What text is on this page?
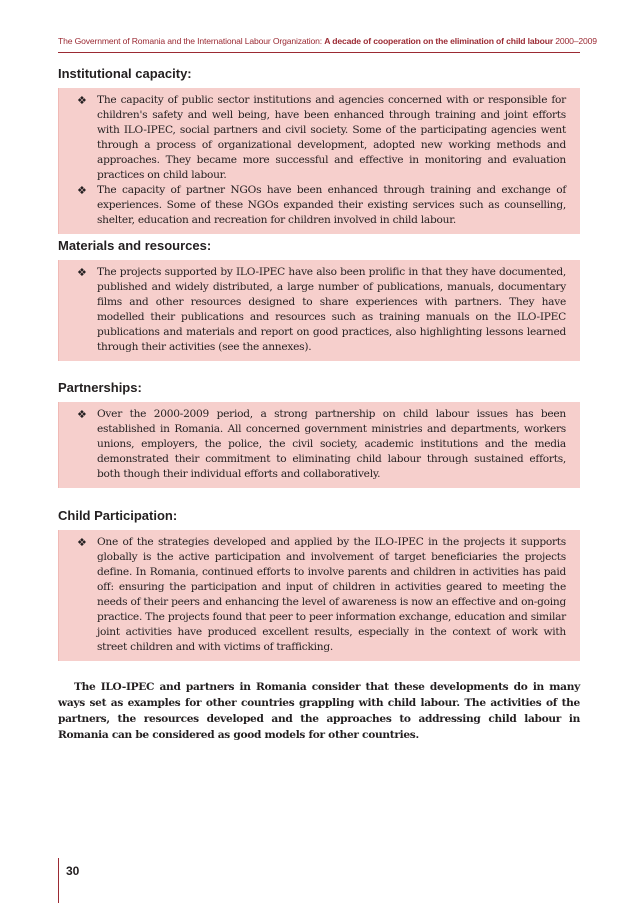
The Government of Romania and the International Labour Organization: A decade of cooperation on the elimination of child labour 2000–2009
Institutional capacity:
❖ The capacity of public sector institutions and agencies concerned with or responsible for children's safety and well being, have been enhanced through training and joint efforts with ILO-IPEC, social partners and civil society. Some of the participating agencies went through a process of organizational development, adopted new working methods and approaches. They became more successful and effective in monitoring and evaluation practices on child labour.
❖ The capacity of partner NGOs have been enhanced through training and exchange of experiences. Some of these NGOs expanded their existing services such as counselling, shelter, education and recreation for children involved in child labour.
Materials and resources:
❖ The projects supported by ILO-IPEC have also been prolific in that they have documented, published and widely distributed, a large number of publications, manuals, documentary films and other resources designed to share experiences with partners. They have modelled their publications and resources such as training manuals on the ILO-IPEC publications and materials and report on good practices, also highlighting lessons learned through their activities (see the annexes).
Partnerships:
❖ Over the 2000-2009 period, a strong partnership on child labour issues has been established in Romania. All concerned government ministries and departments, workers unions, employers, the police, the civil society, academic institutions and the media demonstrated their commitment to eliminating child labour through sustained efforts, both though their individual efforts and collaboratively.
Child Participation:
❖ One of the strategies developed and applied by the ILO-IPEC in the projects it supports globally is the active participation and involvement of target beneficiaries the projects define. In Romania, continued efforts to involve parents and children in activities has paid off: ensuring the participation and input of children in activities geared to meeting the needs of their peers and enhancing the level of awareness is now an effective and on-going practice. The projects found that peer to peer information exchange, education and similar joint activities have produced excellent results, especially in the context of work with street children and with victims of trafficking.

The ILO-IPEC and partners in Romania consider that these developments do in many ways set as examples for other countries grappling with child labour. The activities of the partners, the resources developed and the approaches to addressing child labour in Romania can be considered as good models for other countries.

30
